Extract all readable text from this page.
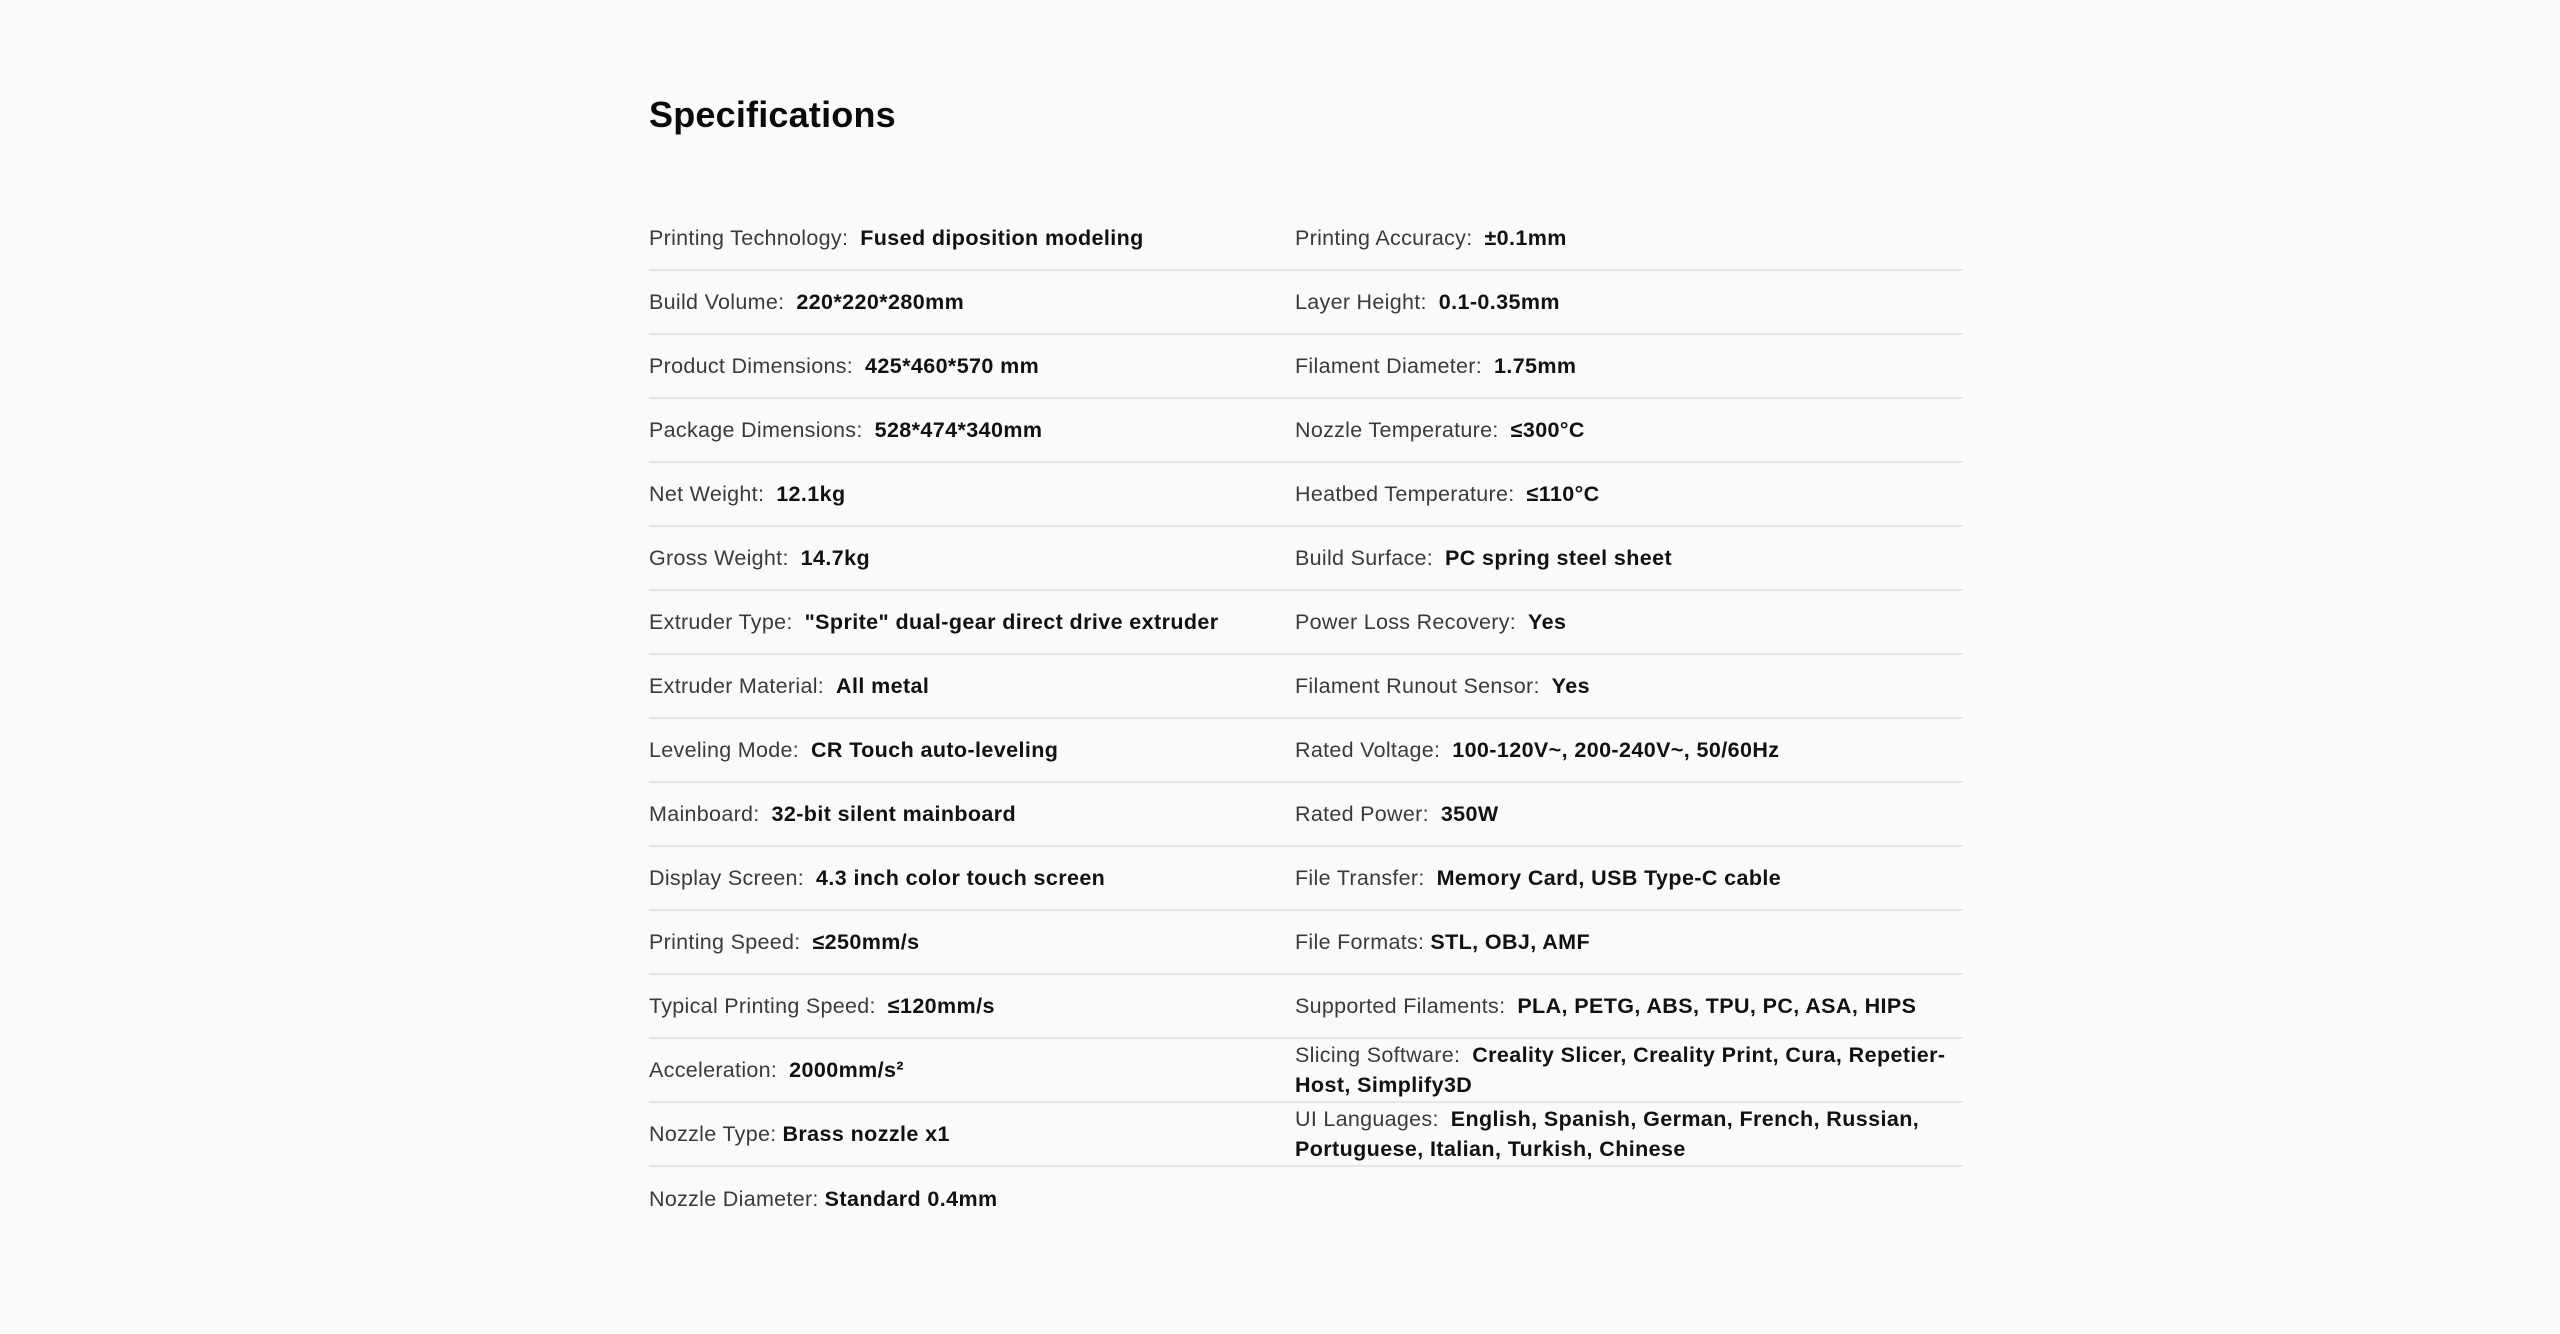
Specifications
Printing Technology: Fused diposition modeling
Build Volume: 220*220*280mm
Product Dimensions: 425*460*570 mm
Package Dimensions: 528*474*340mm
Net Weight: 12.1kg
Gross Weight: 14.7kg
Extruder Type: "Sprite" dual-gear direct drive extruder
Extruder Material: All metal
Leveling Mode: CR Touch auto-leveling
Mainboard: 32-bit silent mainboard
Display Screen: 4.3 inch color touch screen
Printing Speed: ≤250mm/s
Typical Printing Speed: ≤120mm/s
Acceleration: 2000mm/s²
Nozzle Type: Brass nozzle x1
Nozzle Diameter: Standard 0.4mm
Printing Accuracy: ±0.1mm
Layer Height: 0.1-0.35mm
Filament Diameter: 1.75mm
Nozzle Temperature: ≤300°C
Heatbed Temperature: ≤110°C
Build Surface: PC spring steel sheet
Power Loss Recovery: Yes
Filament Runout Sensor: Yes
Rated Voltage: 100-120V~, 200-240V~, 50/60Hz
Rated Power: 350W
File Transfer: Memory Card, USB Type-C cable
File Formats: STL, OBJ, AMF
Supported Filaments: PLA, PETG, ABS, TPU, PC, ASA, HIPS
Slicing Software: Creality Slicer, Creality Print, Cura, Repetier-Host, Simplify3D
UI Languages: English, Spanish, German, French, Russian, Portuguese, Italian, Turkish, Chinese
